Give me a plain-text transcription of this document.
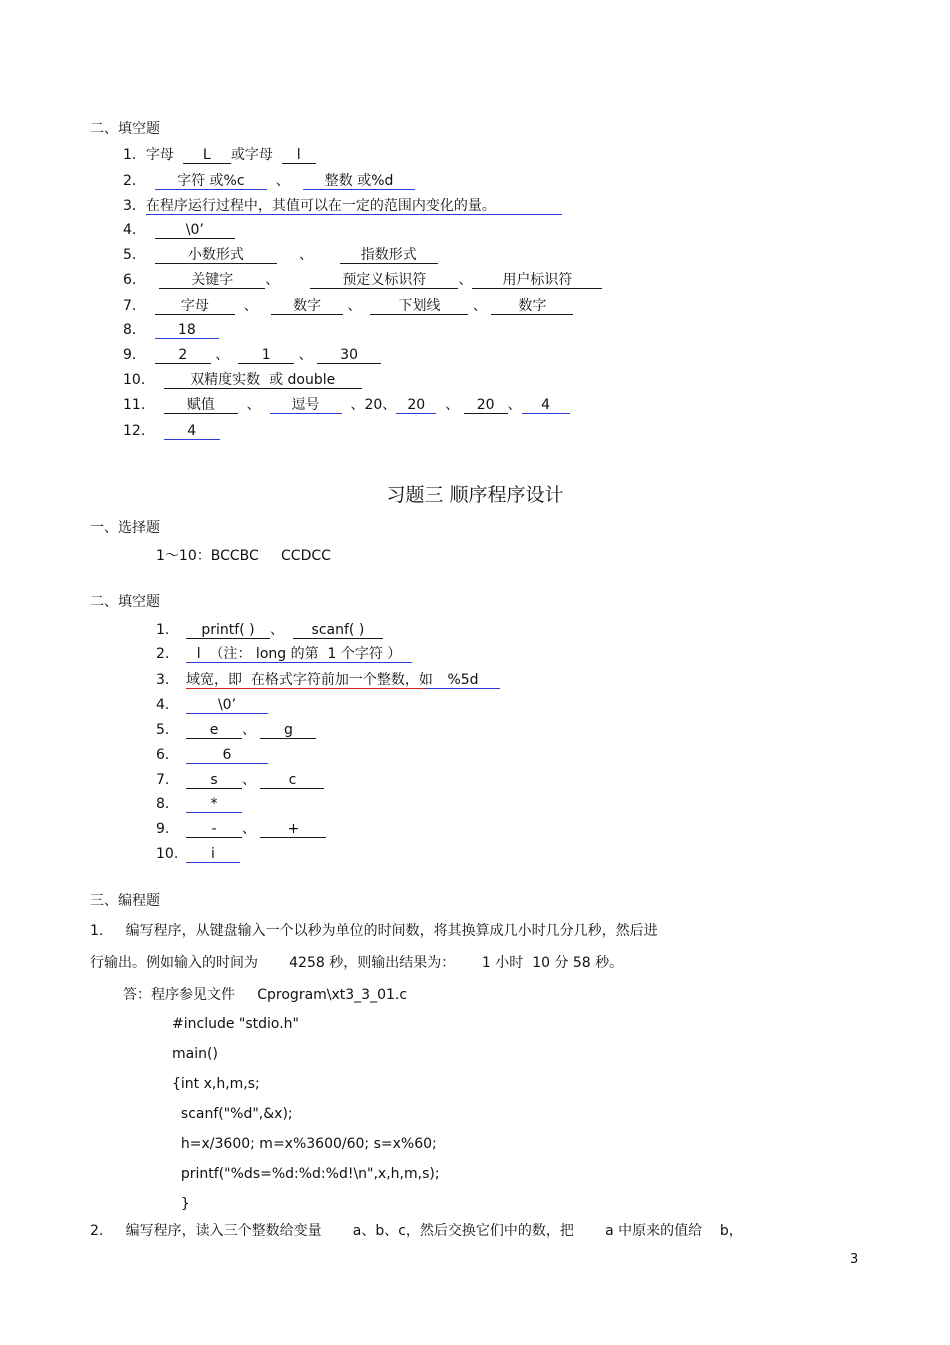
二、填空题
1．字母 L 或字母 l
2． 字符 或%c 、	整数 或%d
3．在程序运行过程中，其值可以在一定的范围内变化的量。
4．	\0’
5．	小数形式	、	指数形式
6．	关键字 、	预定义标识符 、 用户标识符
7． 字母 、	数字 、	下划线 、 数字
8． 18
9． 2 、 1 、 30
10．	双精度实数  或 double
11． 赋值 、 逗号 、20、 20 、 20 、 4
12． 4
习题三 顺序程序设计
一、选择题
1～10：BCCBC     CCDCC
二、填空题
1. printf( ) 、 scanf( )
2. l  （注： long 的第  1 个字符 ）
3. 域宽，即  在格式字符前加一个整数，如 %5d
4.	\0’
5.	e 、 g
6.	6
7.	s 、 c
8.	*
9.	- 、 +
10. i
三、编程题
1.     编写程序，从键盘输入一个以秒为单位的时间数，将其换算成几小时几分几秒，然后进
行输出。例如输入的时间为       4258 秒，则输出结果为：      1 小时  10 分 58 秒。
答：程序参见文件     Cprogram\xt3_3_01.c
#include "stdio.h"
main()
{int x,h,m,s;
scanf("%d",&x);
h=x/3600; m=x%3600/60; s=x%60;
printf("%ds=%d:%d:%d!\n",x,h,m,s);
}
2.     编写程序，读入三个整数给变量       a、b、c，然后交换它们中的数，把       a 中原来的值给    b，
3
